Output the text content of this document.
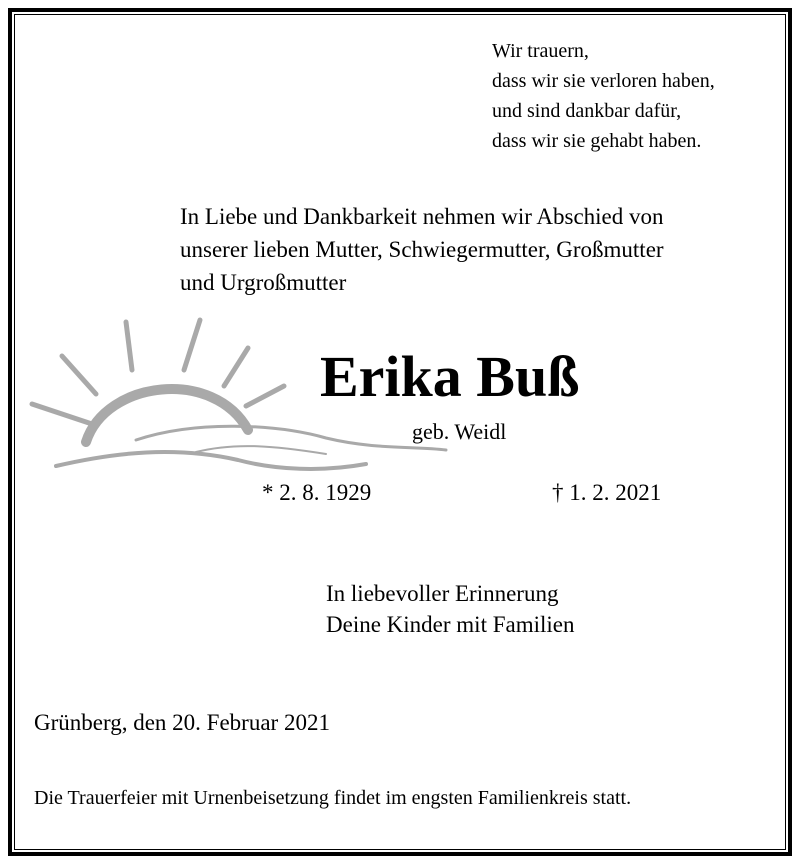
Wir trauern,
dass wir sie verloren haben,
und sind dankbar dafür,
dass wir sie gehabt haben.
In Liebe und Dankbarkeit nehmen wir Abschied von
unserer lieben Mutter, Schwiegermutter, Großmutter
und Urgroßmutter
Erika Buß
geb. Weidl
* 2. 8. 1929	† 1. 2. 2021
In liebevoller Erinnerung
Deine Kinder mit Familien
Grünberg, den 20. Februar 2021
Die Trauerfeier mit Urnenbeisetzung findet im engsten Familienkreis statt.
